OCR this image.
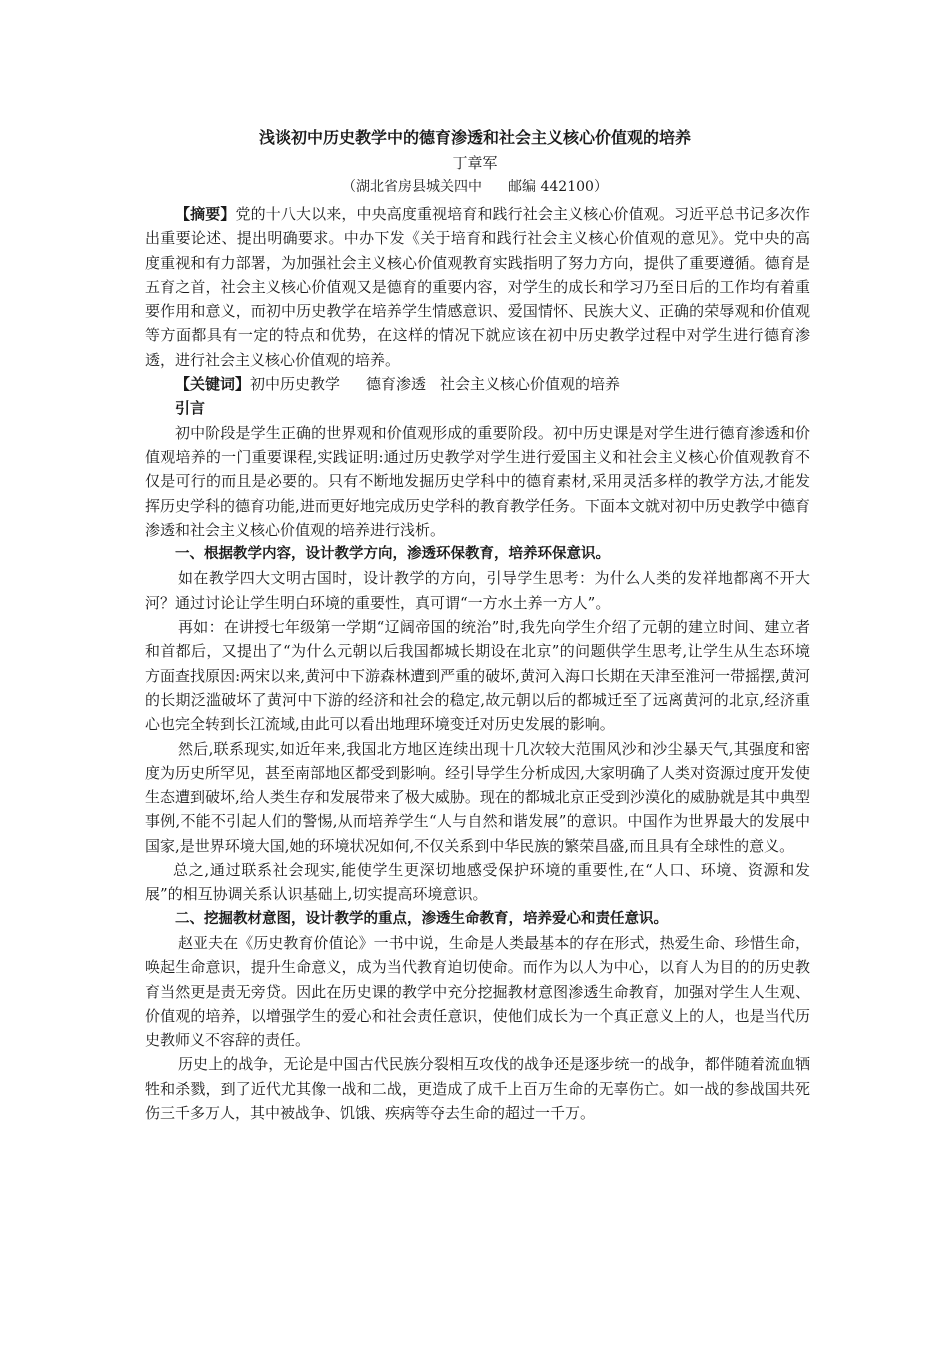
浅谈初中历史教学中的德育渗透和社会主义核心价值观的培养
丁章军
（湖北省房县城关四中 邮编 442100）

【摘要】党的十八大以来，中央高度重视培育和践行社会主义核心价值观。习近平总书记多次作出重要论述、提出明确要求。中办下发《关于培育和践行社会主义核心价值观的意见》。党中央的高度重视和有力部署，为加强社会主义核心价值观教育实践指明了努力方向，提供了重要遵循。德育是五育之首，社会主义核心价值观又是德育的重要内容，对学生的成长和学习乃至日后的工作均有着重要作用和意义，而初中历史教学在培养学生情感意识、爱国情怀、民族大义、正确的荣辱观和价值观等方面都具有一定的特点和优势，在这样的情况下就应该在初中历史教学过程中对学生进行德育渗透，进行社会主义核心价值观的培养。

【关键词】初中历史教学 德育渗透 社会主义核心价值观的培养

引言

初中阶段是学生正确的世界观和价值观形成的重要阶段。初中历史课是对学生进行德育渗透和价值观培养的一门重要课程,实践证明:通过历史教学对学生进行爱国主义和社会主义核心价值观教育不仅是可行的而且是必要的。只有不断地发掘历史学科中的德育素材,采用灵活多样的教学方法,才能发挥历史学科的德育功能,进而更好地完成历史学科的教育教学任务。下面本文就对初中历史教学中德育渗透和社会主义核心价值观的培养进行浅析。

一、根据教学内容，设计教学方向，渗透环保教育，培养环保意识。

如在教学四大文明古国时，设计教学的方向，引导学生思考：为什么人类的发祥地都离不开大河？通过讨论让学生明白环境的重要性，真可谓“一方水土养一方人”。

再如：在讲授七年级第一学期“辽阔帝国的统治”时,我先向学生介绍了元朝的建立时间、建立者和首都后，又提出了“为什么元朝以后我国都城长期设在北京”的问题供学生思考,让学生从生态环境方面查找原因:两宋以来,黄河中下游森林遭到严重的破坏,黄河入海口长期在天津至淮河一带摇摆,黄河的长期泛滥破坏了黄河中下游的经济和社会的稳定,故元朝以后的都城迁至了远离黄河的北京,经济重心也完全转到长江流域,由此可以看出地理环境变迁对历史发展的影响。

然后,联系现实,如近年来,我国北方地区连续出现十几次较大范围风沙和沙尘暴天气,其强度和密度为历史所罕见，甚至南部地区都受到影响。经引导学生分析成因,大家明确了人类对资源过度开发使生态遭到破坏,给人类生存和发展带来了极大威胁。现在的都城北京正受到沙漠化的威胁就是其中典型事例,不能不引起人们的警惕,从而培养学生“人与自然和谐发展”的意识。中国作为世界最大的发展中国家,是世界环境大国,她的环境状况如何,不仅关系到中华民族的繁荣昌盛,而且具有全球性的意义。

总之,通过联系社会现实,能使学生更深切地感受保护环境的重要性,在“人口、环境、资源和发展”的相互协调关系认识基础上,切实提高环境意识。

二、挖掘教材意图，设计教学的重点，渗透生命教育，培养爱心和责任意识。

赵亚夫在《历史教育价值论》一书中说，生命是人类最基本的存在形式，热爱生命、珍惜生命，唤起生命意识，提升生命意义，成为当代教育迫切使命。而作为以人为中心，以育人为目的的历史教育当然更是责无旁贷。因此在历史课的教学中充分挖掘教材意图渗透生命教育，加强对学生人生观、价值观的培养，以增强学生的爱心和社会责任意识，使他们成长为一个真正意义上的人，也是当代历史教师义不容辞的责任。

历史上的战争，无论是中国古代民族分裂相互攻伐的战争还是逐步统一的战争，都伴随着流血牺牲和杀戮，到了近代尤其像一战和二战，更造成了成千上百万生命的无辜伤亡。如一战的参战国共死伤三千多万人，其中被战争、饥饿、疾病等夺去生命的超过一千万。
